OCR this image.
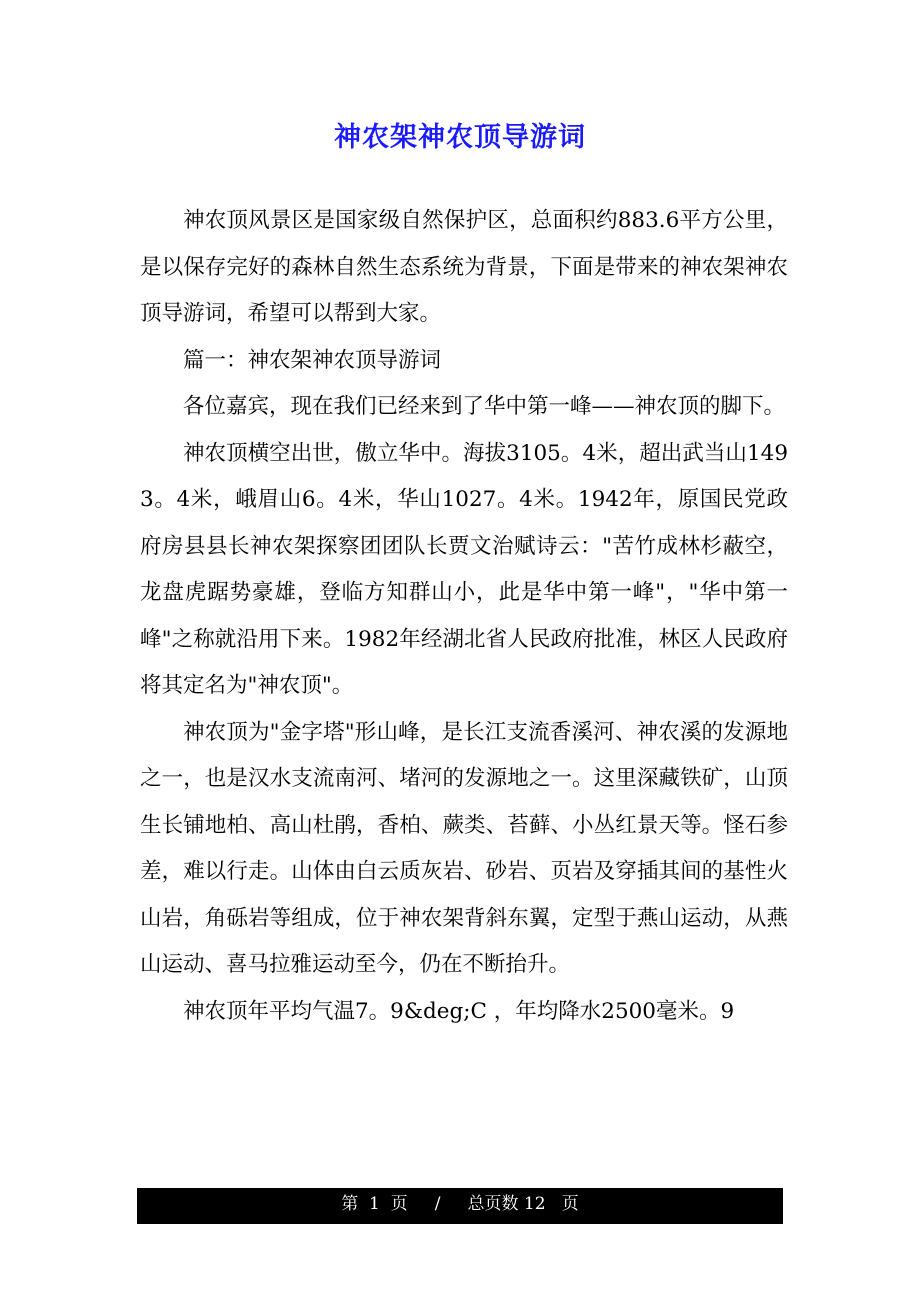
神农架神农顶导游词

神农顶风景区是国家级自然保护区，总面积约883.6平方公里，是以保存完好的森林自然生态系统为背景，下面是带来的神农架神农顶导游词，希望可以帮到大家。

篇一：神农架神农顶导游词

各位嘉宾，现在我们已经来到了华中第一峰——神农顶的脚下。

神农顶横空出世，傲立华中。海拔3105。4米，超出武当山1493。4米，峨眉山6。4米，华山1027。4米。1942年，原国民党政府房县县长神农架探察团团队长贾文治赋诗云："苦竹成林杉蔽空，龙盘虎踞势豪雄，登临方知群山小，此是华中第一峰"，"华中第一峰"之称就沿用下来。1982年经湖北省人民政府批准，林区人民政府将其定名为"神农顶"。

神农顶为"金字塔"形山峰，是长江支流香溪河、神农溪的发源地之一，也是汉水支流南河、堵河的发源地之一。这里深藏铁矿，山顶生长铺地柏、高山杜鹃，香柏、蕨类、苔藓、小丛红景天等。怪石参差，难以行走。山体由白云质灰岩、砂岩、页岩及穿插其间的基性火山岩，角砾岩等组成，位于神农架背斜东翼，定型于燕山运动，从燕山运动、喜马拉雅运动至今，仍在不断抬升。

神农顶年平均气温7。9&deg;C ，年均降水2500毫米。9

第 1 页 / 总页数 12 页
